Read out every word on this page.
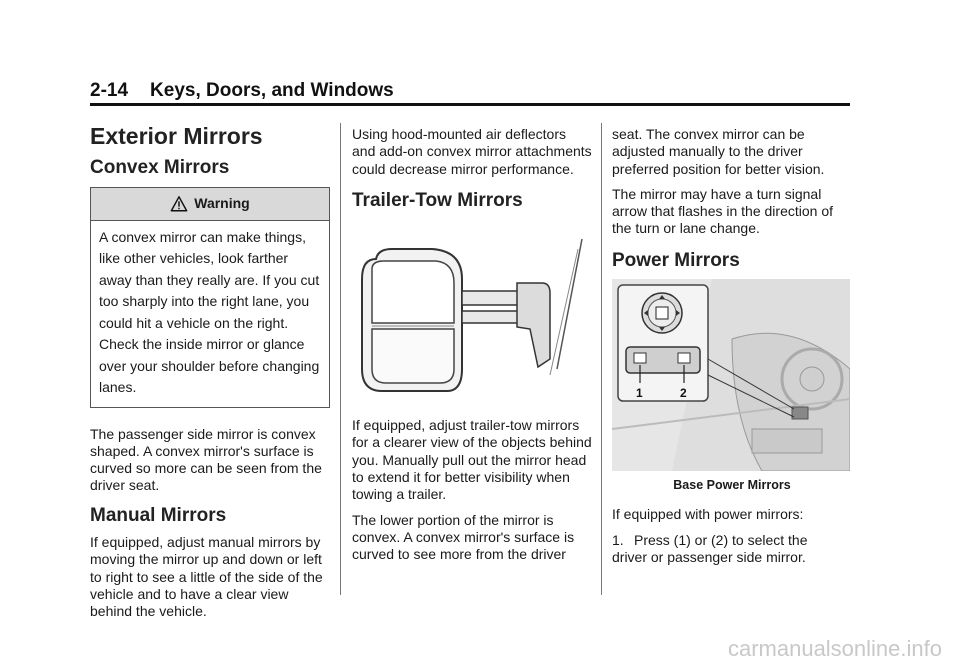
2-14 Keys, Doors, and Windows
Exterior Mirrors
Convex Mirrors
Warning
A convex mirror can make things, like other vehicles, look farther away than they really are. If you cut too sharply into the right lane, you could hit a vehicle on the right. Check the inside mirror or glance over your shoulder before changing lanes.

The passenger side mirror is convex shaped. A convex mirror's surface is curved so more can be seen from the driver seat.

Manual Mirrors

If equipped, adjust manual mirrors by moving the mirror up and down or left to right to see a little of the side of the vehicle and to have a clear view behind the vehicle.

Using hood-mounted air deflectors and add-on convex mirror attachments could decrease mirror performance.

Trailer-Tow Mirrors

If equipped, adjust trailer-tow mirrors for a clearer view of the objects behind you. Manually pull out the mirror head to extend it for better visibility when towing a trailer.

The lower portion of the mirror is convex. A convex mirror's surface is curved to see more from the driver

seat. The convex mirror can be adjusted manually to the driver preferred position for better vision.

The mirror may have a turn signal arrow that flashes in the direction of the turn or lane change.

Power Mirrors
1	2
Base Power Mirrors

If equipped with power mirrors:

1. Press (1) or (2) to select the
driver or passenger side mirror.
carmanualsonline.info
